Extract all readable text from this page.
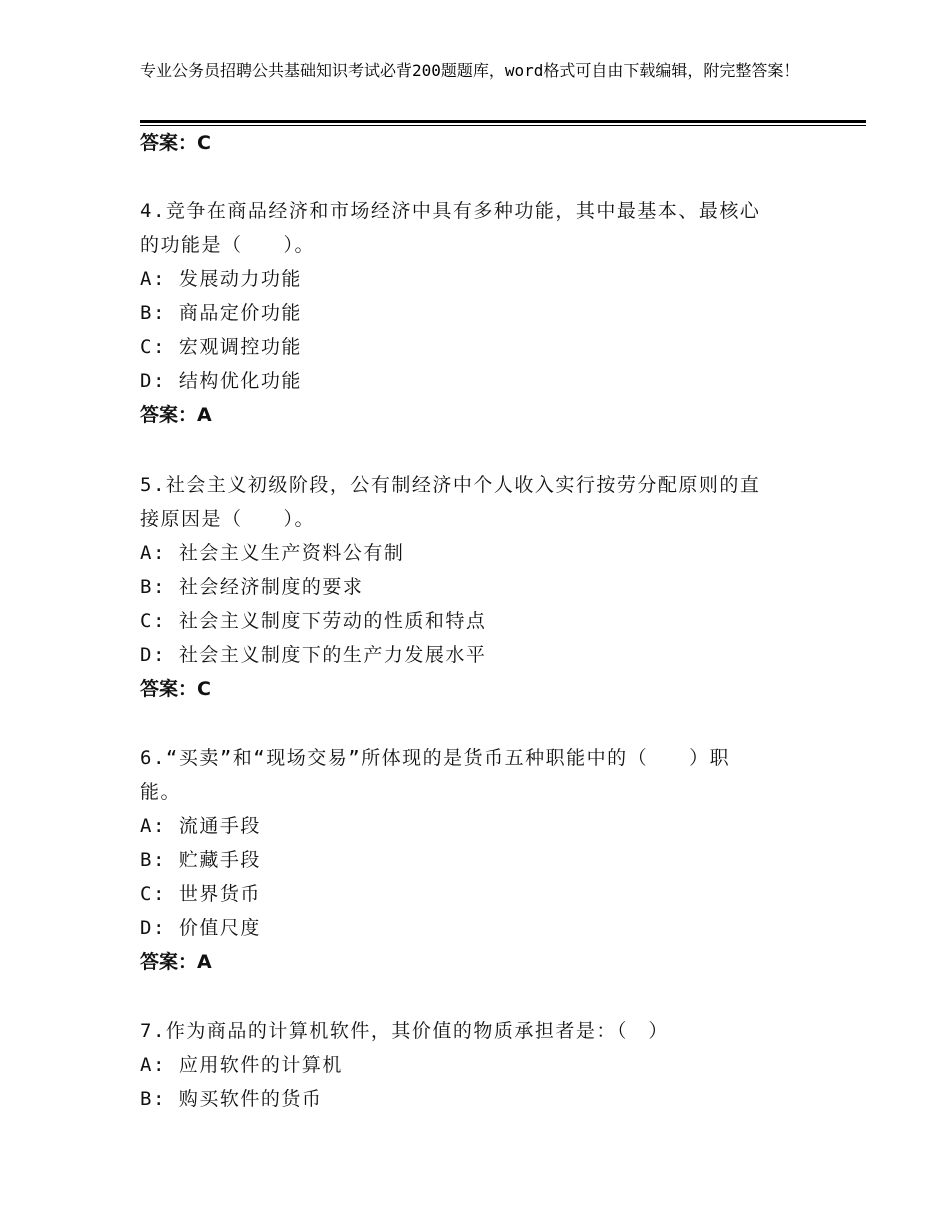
专业公务员招聘公共基础知识考试必背200题题库，word格式可自由下载编辑，附完整答案！
答案：C
4.竞争在商品经济和市场经济中具有多种功能，其中最基本、最核心
的功能是（　　）。
A: 发展动力功能
B: 商品定价功能
C: 宏观调控功能
D: 结构优化功能
答案：A
5.社会主义初级阶段，公有制经济中个人收入实行按劳分配原则的直
接原因是（　　）。
A: 社会主义生产资料公有制
B: 社会经济制度的要求
C: 社会主义制度下劳动的性质和特点
D: 社会主义制度下的生产力发展水平
答案：C
6.“买卖”和“现场交易”所体现的是货币五种职能中的（　　）职
能。
A: 流通手段
B: 贮藏手段
C: 世界货币
D: 价值尺度
答案：A
7.作为商品的计算机软件，其价值的物质承担者是：（　）
A: 应用软件的计算机
B: 购买软件的货币
